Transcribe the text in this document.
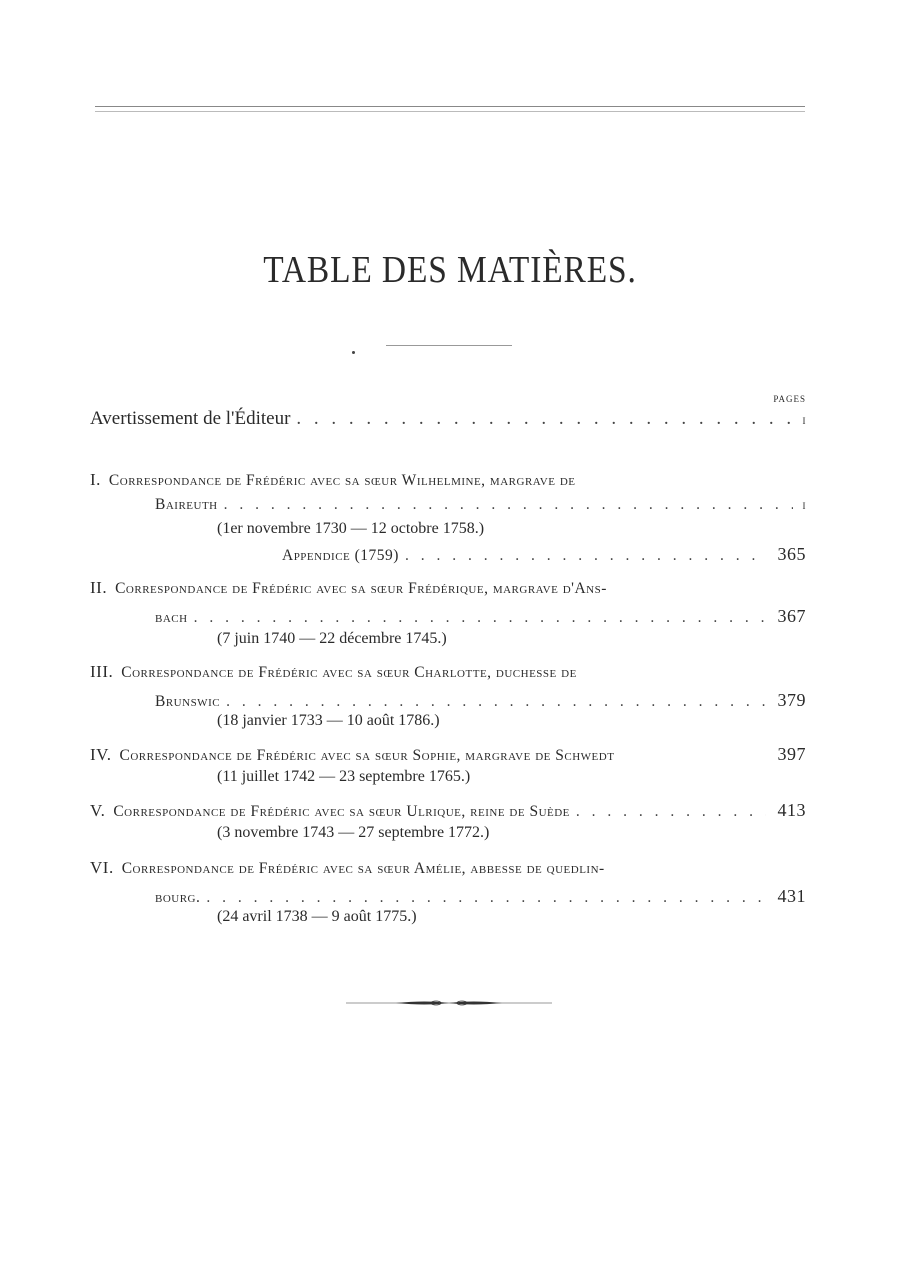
TABLE DES MATIÈRES.
PAGES
Avertissement de l'Éditeur . . .	i
I. Correspondance de Frédéric avec sa sœur Wilhelmine, margrave de
Baireuth . . .	i
(1er novembre 1730 — 12 octobre 1758.)
Appendice (1759) . . .	365
II. Correspondance de Frédéric avec sa sœur Frédérique, margrave d'Ans-
bach . . .	367
(7 juin 1740 — 22 décembre 1745.)
III. Correspondance de Frédéric avec sa sœur Charlotte, duchesse de
Brunswic . . .	379
(18 janvier 1733 — 10 août 1786.)
IV. Correspondance de Frédéric avec sa sœur Sophie, margrave de Schwedt	397
(11 juillet 1742 — 23 septembre 1765.)
V. Correspondance de Frédéric avec sa sœur Ulrique, reine de Suède . . .	413
(3 novembre 1743 — 27 septembre 1772.)
VI. Correspondance de Frédéric avec sa sœur Amélie, abbesse de quedlin-
bourg. . . .	431
(24 avril 1738 — 9 août 1775.)
